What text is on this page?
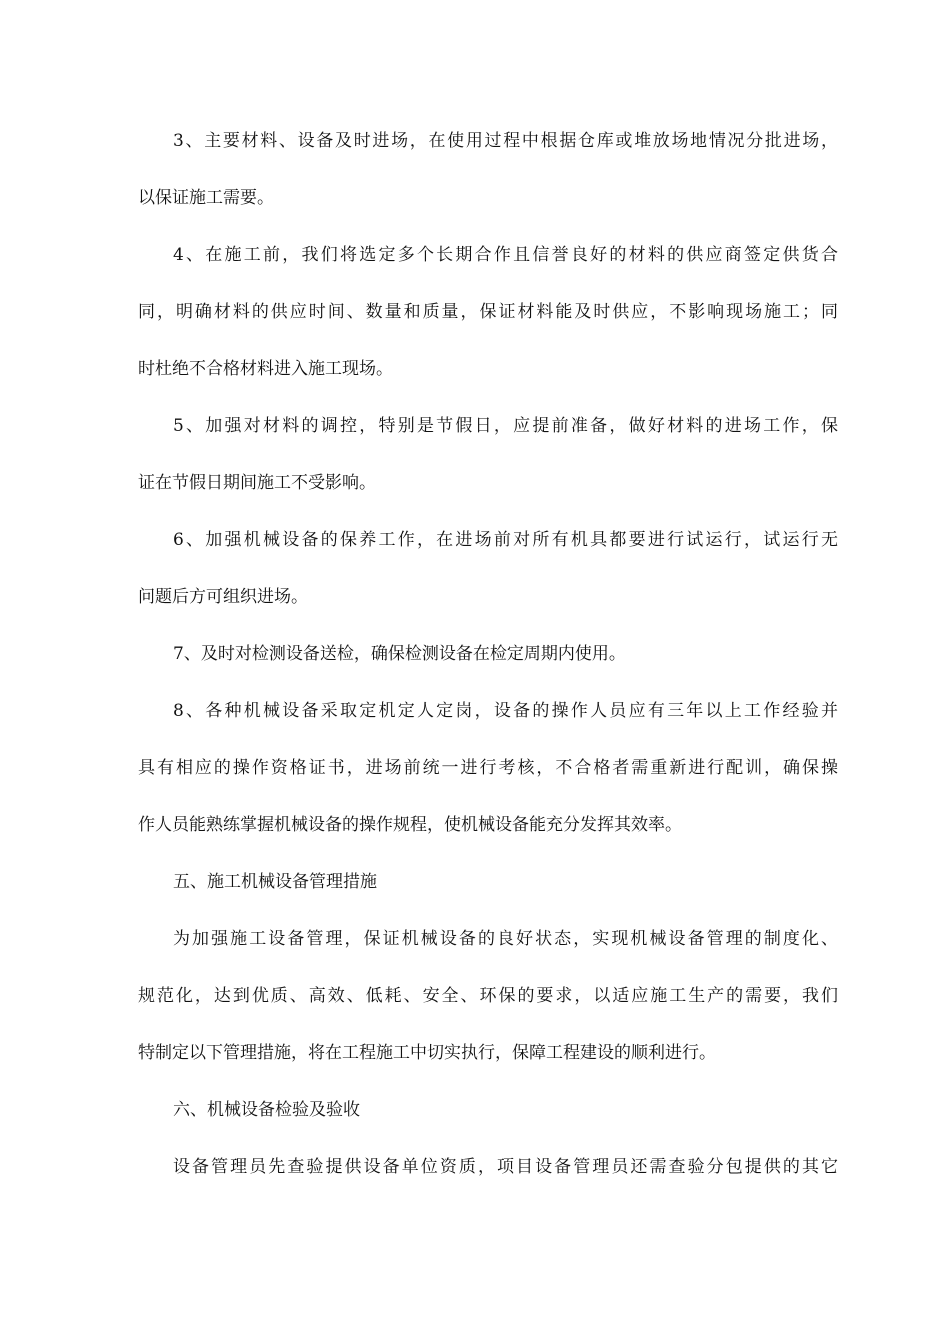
3、主要材料、设备及时进场，在使用过程中根据仓库或堆放场地情况分批进场，
以保证施工需要。
4、在施工前，我们将选定多个长期合作且信誉良好的材料的供应商签定供货合
同，明确材料的供应时间、数量和质量，保证材料能及时供应，不影响现场施工；同
时杜绝不合格材料进入施工现场。
5、加强对材料的调控，特别是节假日，应提前准备，做好材料的进场工作，保
证在节假日期间施工不受影响。
6、加强机械设备的保养工作，在进场前对所有机具都要进行试运行，试运行无
问题后方可组织进场。
7、及时对检测设备送检，确保检测设备在检定周期内使用。
8、各种机械设备采取定机定人定岗，设备的操作人员应有三年以上工作经验并
具有相应的操作资格证书，进场前统一进行考核，不合格者需重新进行配训，确保操
作人员能熟练掌握机械设备的操作规程，使机械设备能充分发挥其效率。
五、施工机械设备管理措施
为加强施工设备管理，保证机械设备的良好状态，实现机械设备管理的制度化、
规范化，达到优质、高效、低耗、安全、环保的要求，以适应施工生产的需要，我们
特制定以下管理措施，将在工程施工中切实执行，保障工程建设的顺利进行。
六、机械设备检验及验收
设备管理员先查验提供设备单位资质，项目设备管理员还需查验分包提供的其它
